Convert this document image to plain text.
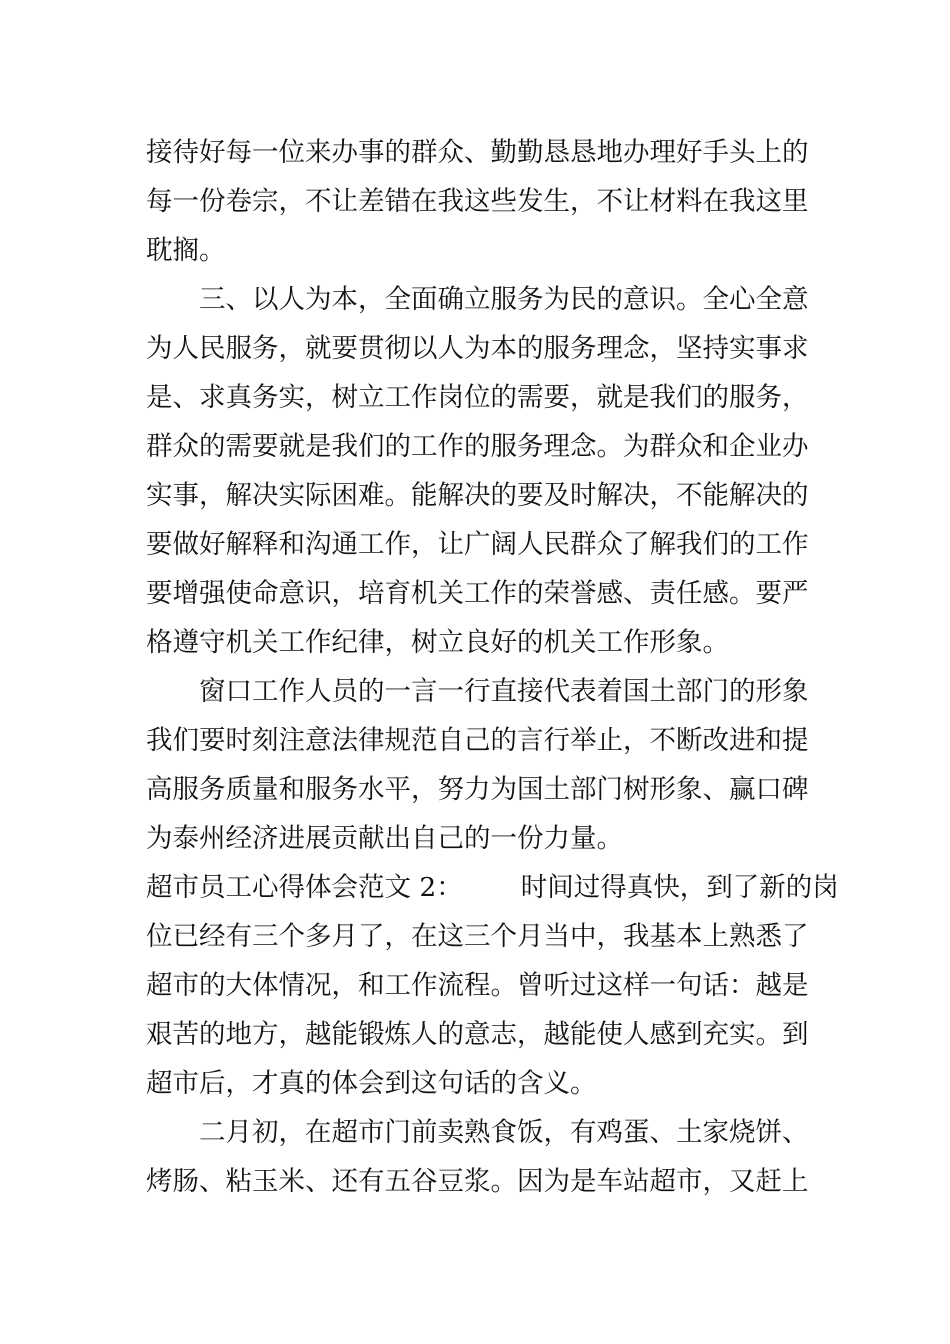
接待好每一位来办事的群众、勤勤恳恳地办理好手头上的
每一份卷宗，不让差错在我这些发生，不让材料在我这里
耽搁。
三、以人为本，全面确立服务为民的意识。全心全意
为人民服务，就要贯彻以人为本的服务理念，坚持实事求
是、求真务实，树立工作岗位的需要，就是我们的服务，
群众的需要就是我们的工作的服务理念。为群众和企业办
实事，解决实际困难。能解决的要及时解决，不能解决的
要做好解释和沟通工作，让广阔人民群众了解我们的工作
要增强使命意识，培育机关工作的荣誉感、责任感。要严
格遵守机关工作纪律，树立良好的机关工作形象。
窗口工作人员的一言一行直接代表着国土部门的形象
我们要时刻注意法律规范自己的言行举止，不断改进和提
高服务质量和服务水平，努力为国土部门树形象、赢口碑
为泰州经济进展贡献出自己的一份力量。
超市员工心得体会范文 2：	时间过得真快，到了新的岗
位已经有三个多月了，在这三个月当中，我基本上熟悉了
超市的大体情况，和工作流程。曾听过这样一句话：越是
艰苦的地方，越能锻炼人的意志，越能使人感到充实。到
超市后，才真的体会到这句话的含义。
二月初，在超市门前卖熟食饭，有鸡蛋、土家烧饼、
烤肠、粘玉米、还有五谷豆浆。因为是车站超市，又赶上
